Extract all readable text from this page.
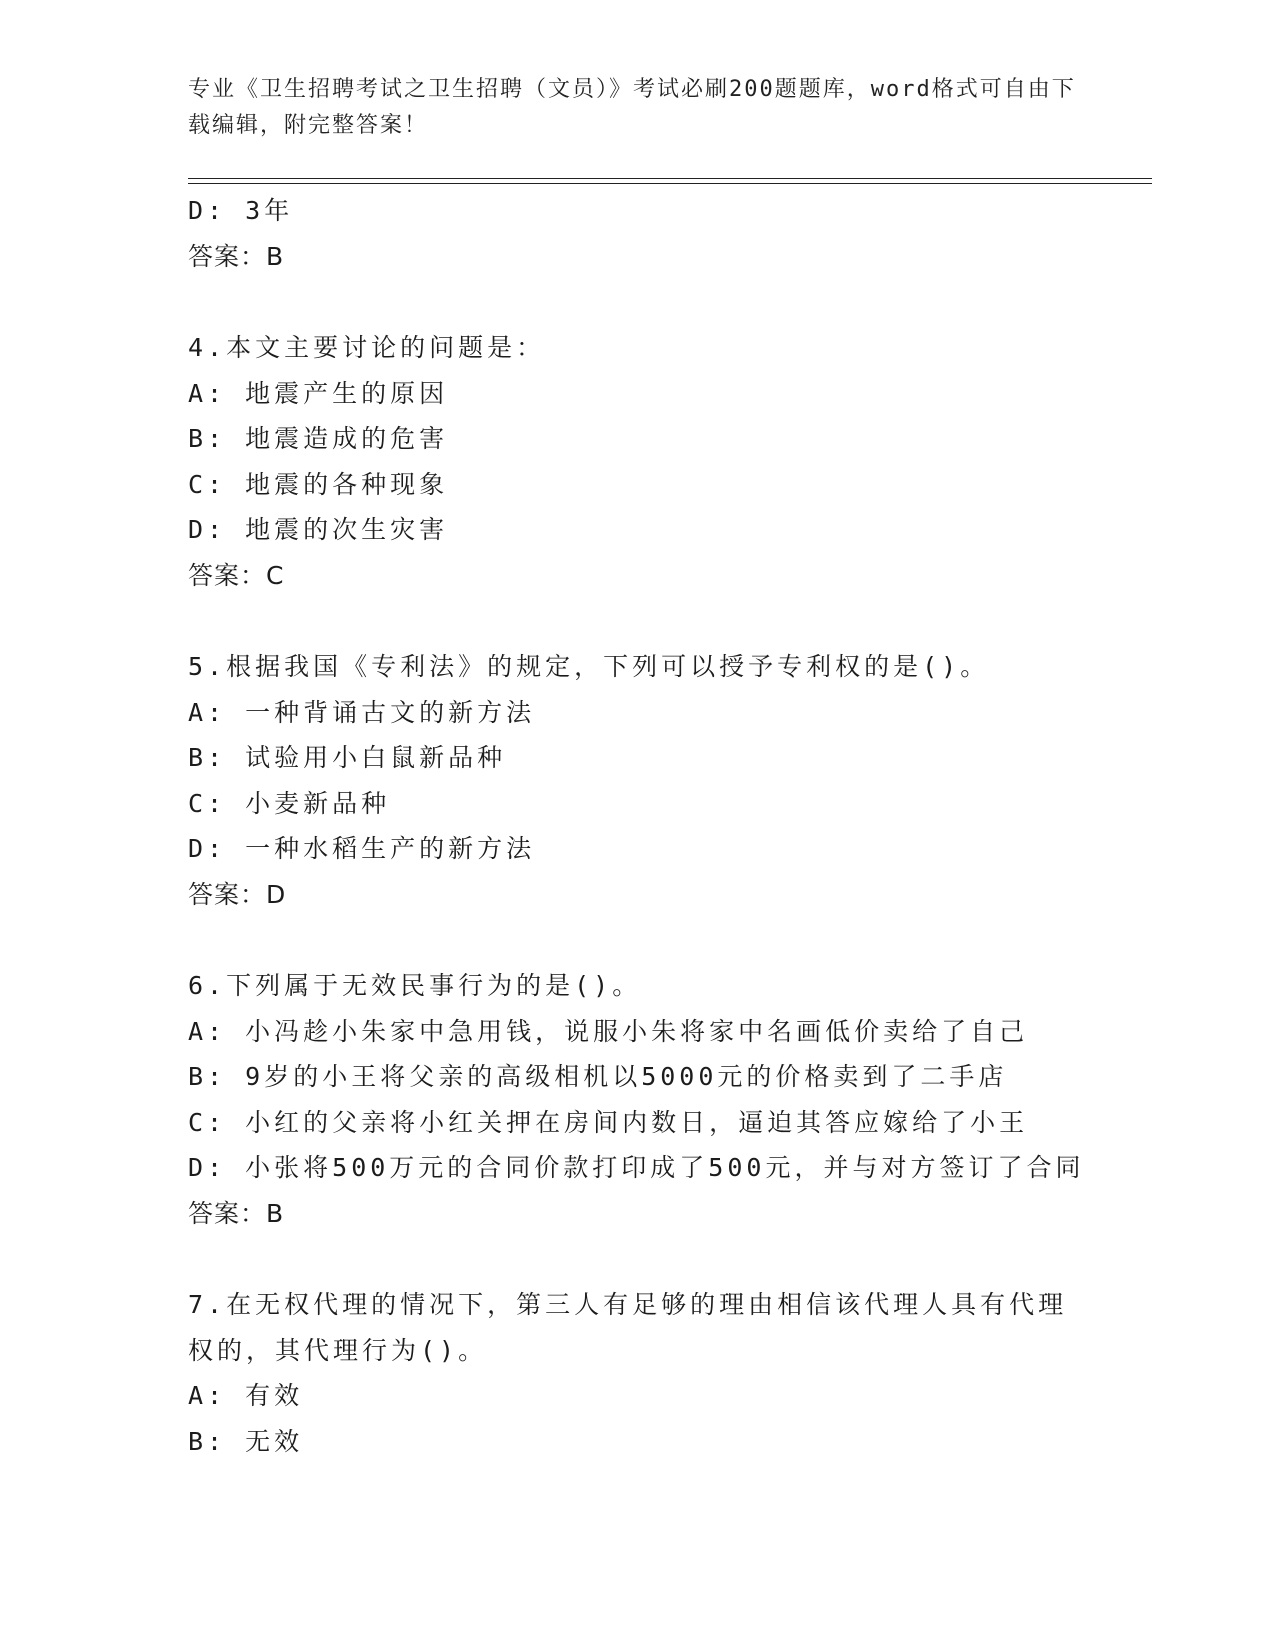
专业《卫生招聘考试之卫生招聘（文员）》考试必刷200题题库，word格式可自由下载编辑，附完整答案！
D: 3年
答案：B
4.本文主要讨论的问题是：
A: 地震产生的原因
B: 地震造成的危害
C: 地震的各种现象
D: 地震的次生灾害
答案：C
5.根据我国《专利法》的规定，下列可以授予专利权的是()。
A: 一种背诵古文的新方法
B: 试验用小白鼠新品种
C: 小麦新品种
D: 一种水稻生产的新方法
答案：D
6.下列属于无效民事行为的是()。
A: 小冯趁小朱家中急用钱，说服小朱将家中名画低价卖给了自己
B: 9岁的小王将父亲的高级相机以5000元的价格卖到了二手店
C: 小红的父亲将小红关押在房间内数日，逼迫其答应嫁给了小王
D: 小张将500万元的合同价款打印成了500元，并与对方签订了合同
答案：B
7.在无权代理的情况下，第三人有足够的理由相信该代理人具有代理
权的，其代理行为()。
A: 有效
B: 无效
